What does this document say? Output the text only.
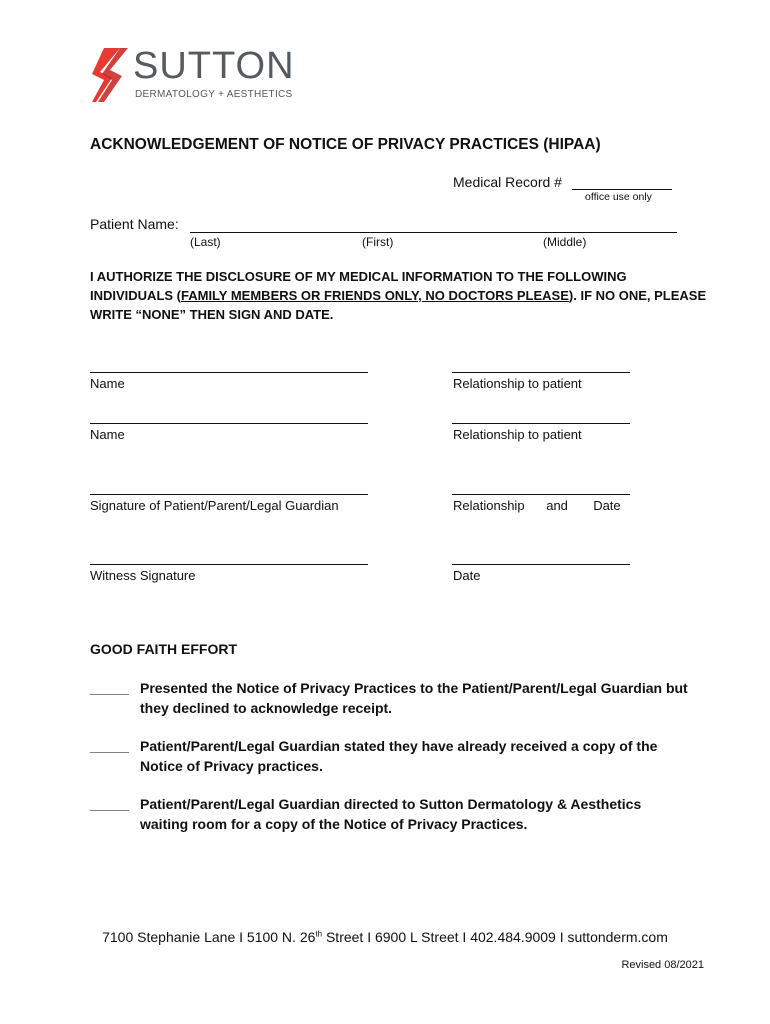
SUTTON
DERMATOLOGY + AESTHETICS
ACKNOWLEDGEMENT OF NOTICE OF PRIVACY PRACTICES (HIPAA)
Medical Record #
office use only
Patient Name:
(Last)	(First)	(Middle)
I AUTHORIZE THE DISCLOSURE OF MY MEDICAL INFORMATION TO THE FOLLOWING INDIVIDUALS (FAMILY MEMBERS OR FRIENDS ONLY, NO DOCTORS PLEASE). IF NO ONE, PLEASE WRITE “NONE” THEN SIGN AND DATE.
Name	Relationship to patient
Name	Relationship to patient
Signature of Patient/Parent/Legal Guardian	Relationship      and       Date
Witness Signature	Date
GOOD FAITH EFFORT
_____ Presented the Notice of Privacy Practices to the Patient/Parent/Legal Guardian but they declined to acknowledge receipt.
_____ Patient/Parent/Legal Guardian stated they have already received a copy of the Notice of Privacy practices.
_____ Patient/Parent/Legal Guardian directed to Sutton Dermatology & Aesthetics waiting room for a copy of the Notice of Privacy Practices.
7100 Stephanie Lane I 5100 N. 26th Street I 6900 L Street I 402.484.9009 I suttonderm.com
Revised 08/2021
